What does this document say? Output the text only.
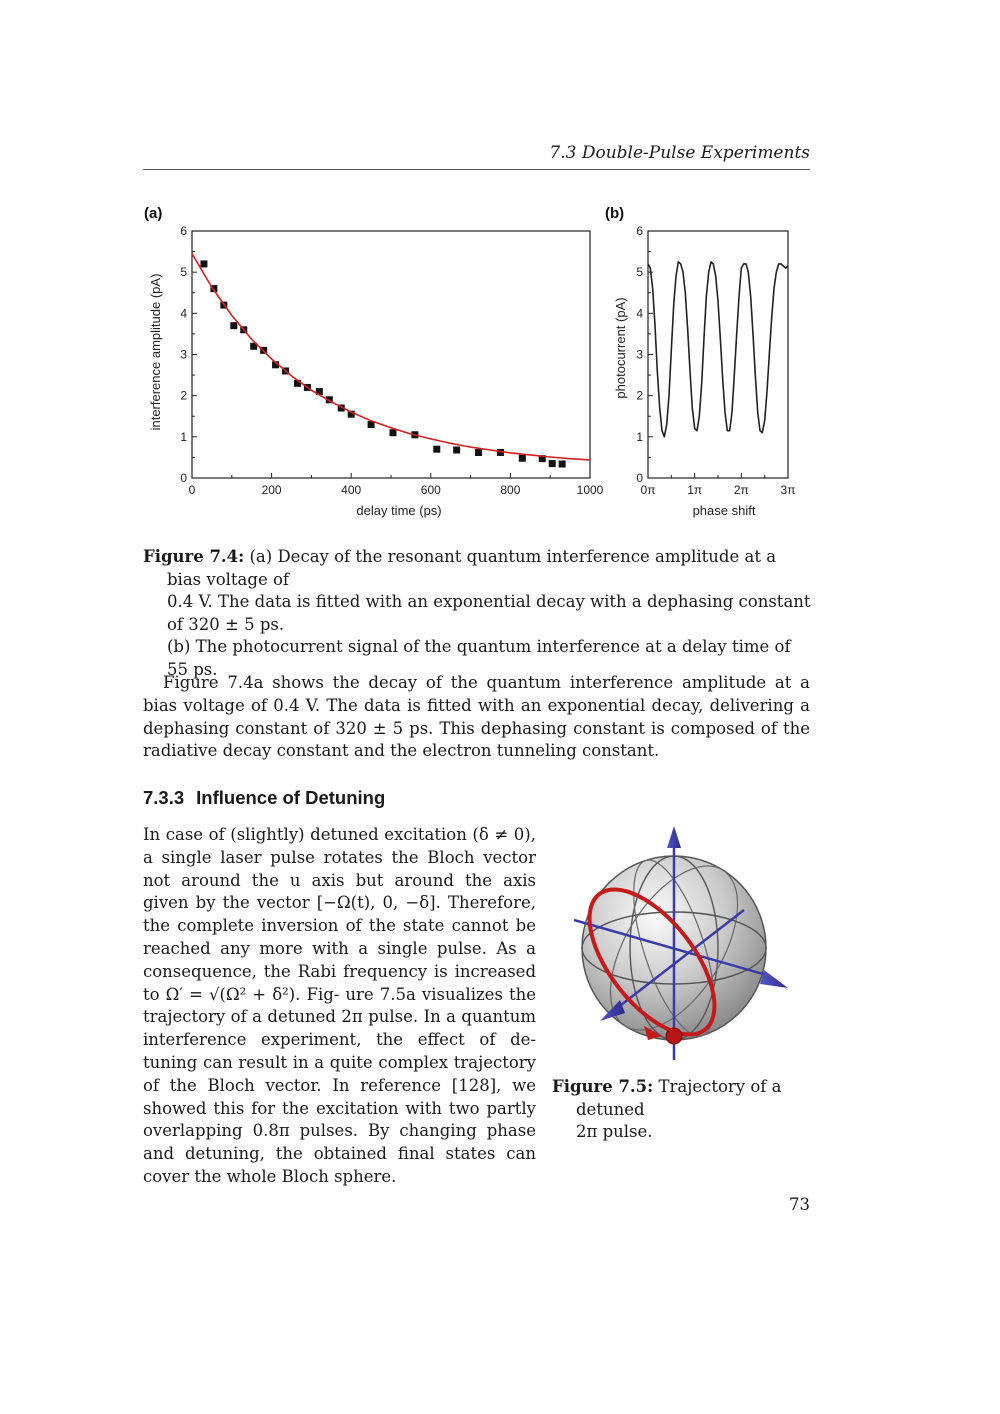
7.3 Double-Pulse Experiments
(a)	(b)
0
1
2
3
4
5
6
0	200	400	600	800	1000
0
1
2
3
4
5
6
0π	1π	2π	3π
delay time (ps)
interference amplitude (pA)
phase shift
photocurrent (pA)
Figure 7.4: (a) Decay of the resonant quantum interference amplitude at a bias voltage of
0.4 V. The data is fitted with an exponential decay with a dephasing constant of 320 ± 5 ps.
(b) The photocurrent signal of the quantum interference at a delay time of 55 ps.
Figure 7.4a shows the decay of the quantum interference amplitude at a bias voltage of 0.4 V. The data is fitted with an exponential decay, delivering a dephasing constant of 320 ± 5 ps. This dephasing constant is composed of the radiative decay constant and the electron tunneling constant.
7.3.3 Influence of Detuning
In case of (slightly) detuned excitation (δ ≠ 0), a single laser pulse rotates the Bloch vector not around the u axis but around the axis given by the vector [−Ω(t), 0, −δ]. Therefore, the complete inversion of the state cannot be reached any more with a single pulse. As a consequence, the Rabi frequency is increased to Ω′ = √(Ω² + δ²). Fig- ure 7.5a visualizes the trajectory of a detuned 2π pulse. In a quantum interference experiment, the effect of de- tuning can result in a quite complex trajectory of the Bloch vector. In reference [128], we showed this for the excitation with two partly overlapping 0.8π pulses. By changing phase and detuning, the obtained final states can cover the whole Bloch sphere.
Figure 7.5: Trajectory of a detuned
2π pulse.
73
